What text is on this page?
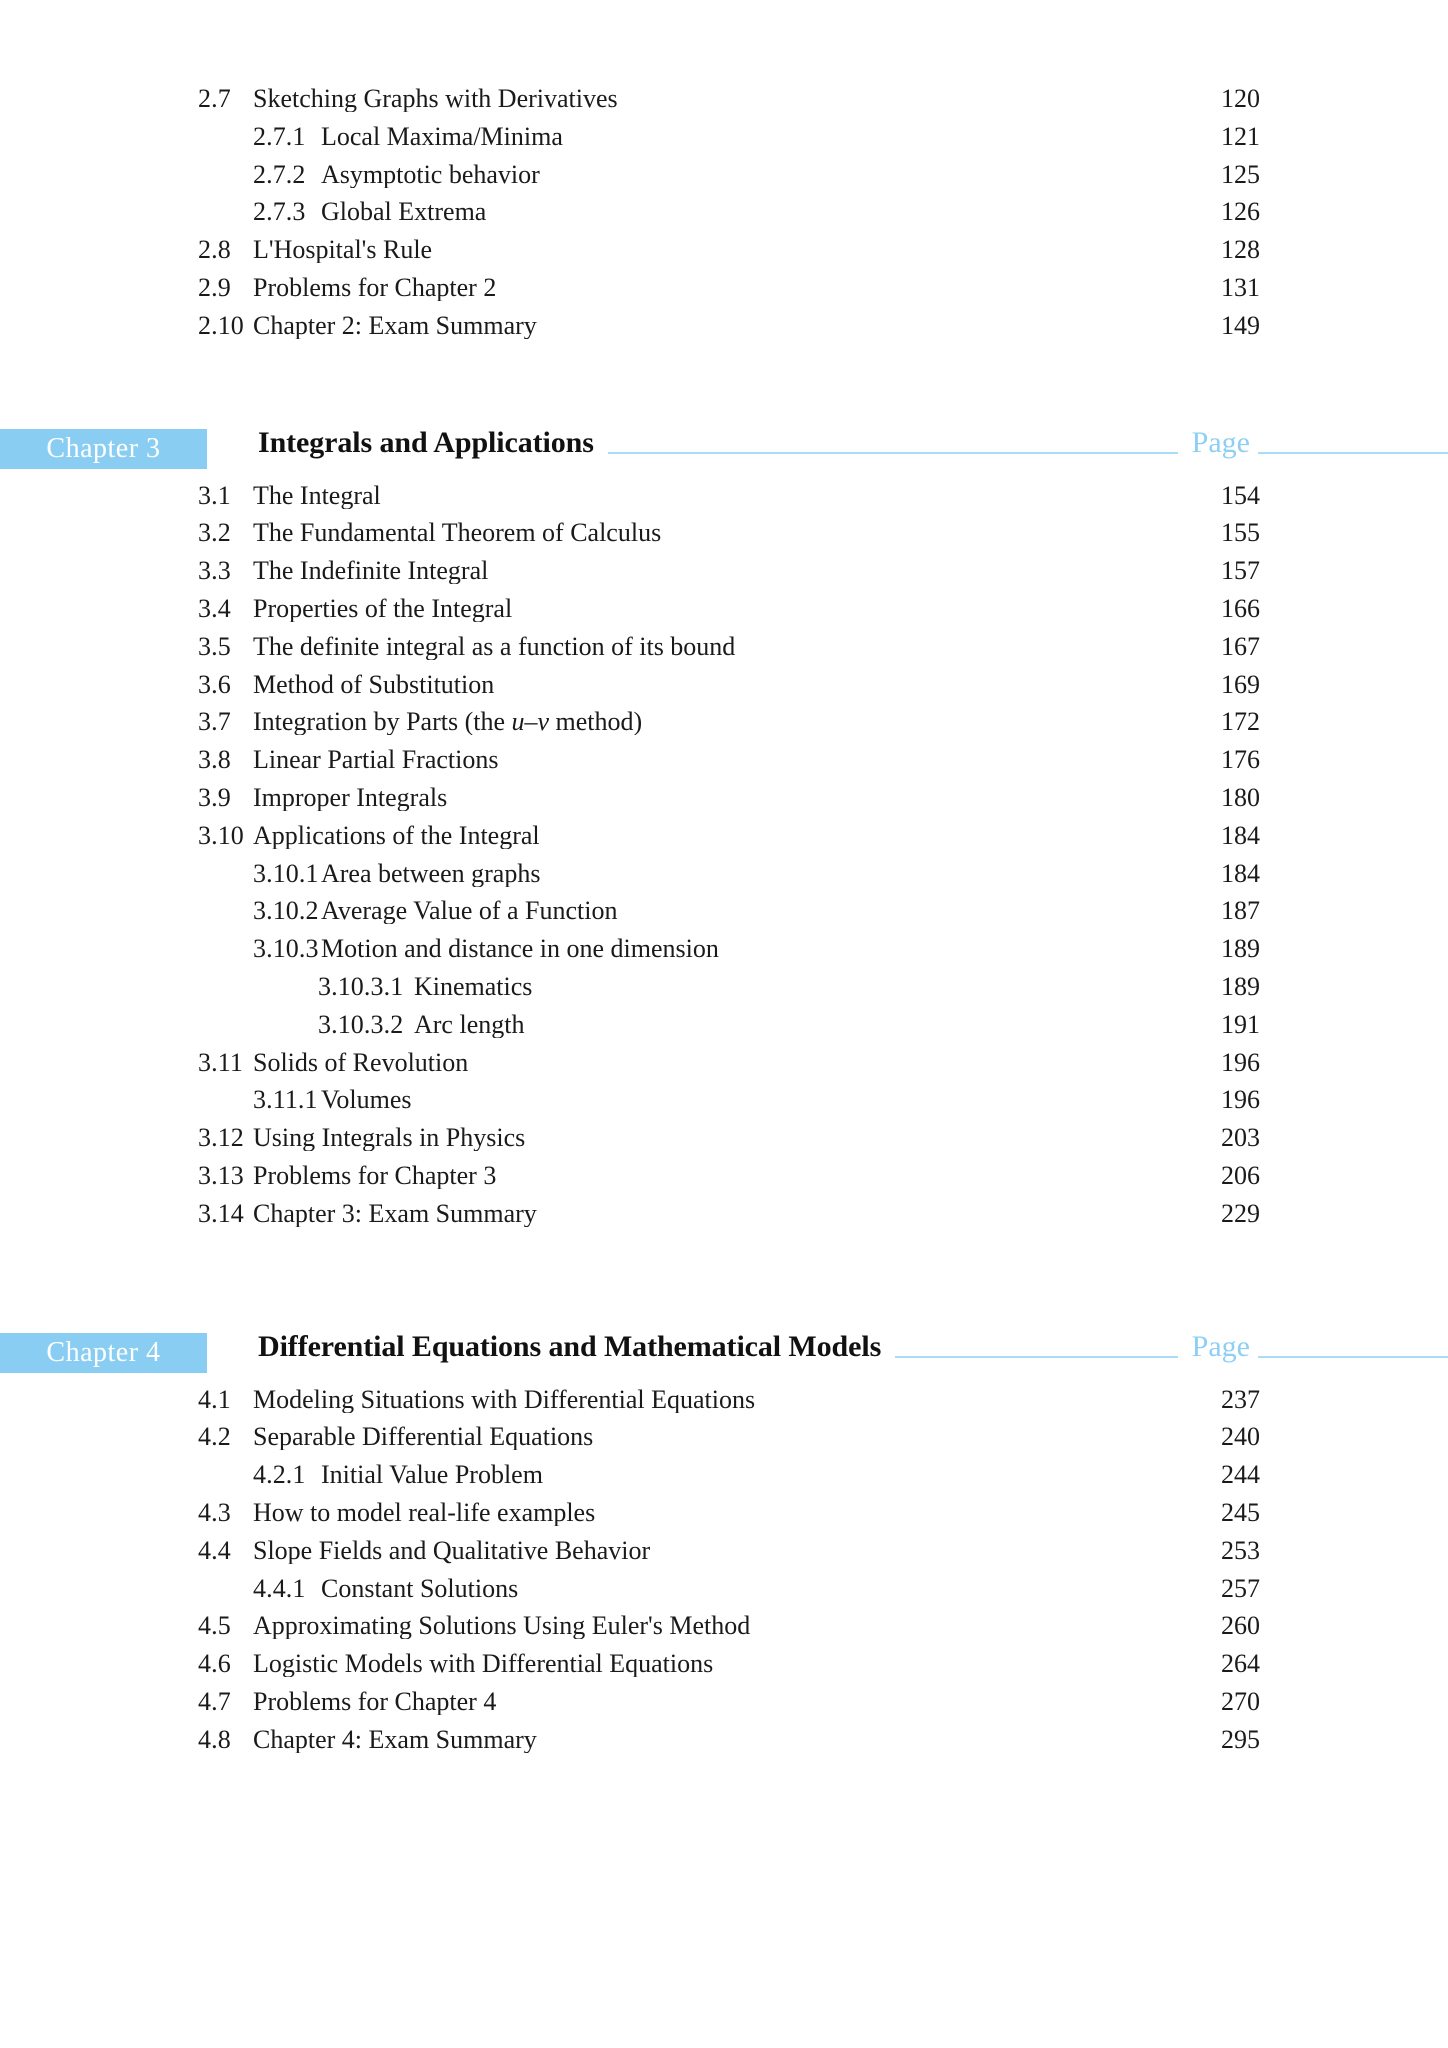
2.7 Sketching Graphs with Derivatives	120
2.7.1 Local Maxima/Minima	121
2.7.2 Asymptotic behavior	125
2.7.3 Global Extrema	126
2.8 L'Hospital's Rule	128
2.9 Problems for Chapter 2	131
2.10 Chapter 2: Exam Summary	149
Chapter 3	Integrals and Applications	Page
3.1 The Integral	154
3.2 The Fundamental Theorem of Calculus	155
3.3 The Indefinite Integral	157
3.4 Properties of the Integral	166
3.5 The definite integral as a function of its bound	167
3.6 Method of Substitution	169
3.7 Integration by Parts (the u–v method)	172
3.8 Linear Partial Fractions	176
3.9 Improper Integrals	180
3.10 Applications of the Integral	184
3.10.1 Area between graphs	184
3.10.2 Average Value of a Function	187
3.10.3 Motion and distance in one dimension	189
3.10.3.1 Kinematics	189
3.10.3.2 Arc length	191
3.11 Solids of Revolution	196
3.11.1 Volumes	196
3.12 Using Integrals in Physics	203
3.13 Problems for Chapter 3	206
3.14 Chapter 3: Exam Summary	229
Chapter 4	Differential Equations and Mathematical Models	Page
4.1 Modeling Situations with Differential Equations	237
4.2 Separable Differential Equations	240
4.2.1 Initial Value Problem	244
4.3 How to model real-life examples	245
4.4 Slope Fields and Qualitative Behavior	253
4.4.1 Constant Solutions	257
4.5 Approximating Solutions Using Euler's Method	260
4.6 Logistic Models with Differential Equations	264
4.7 Problems for Chapter 4	270
4.8 Chapter 4: Exam Summary	295
